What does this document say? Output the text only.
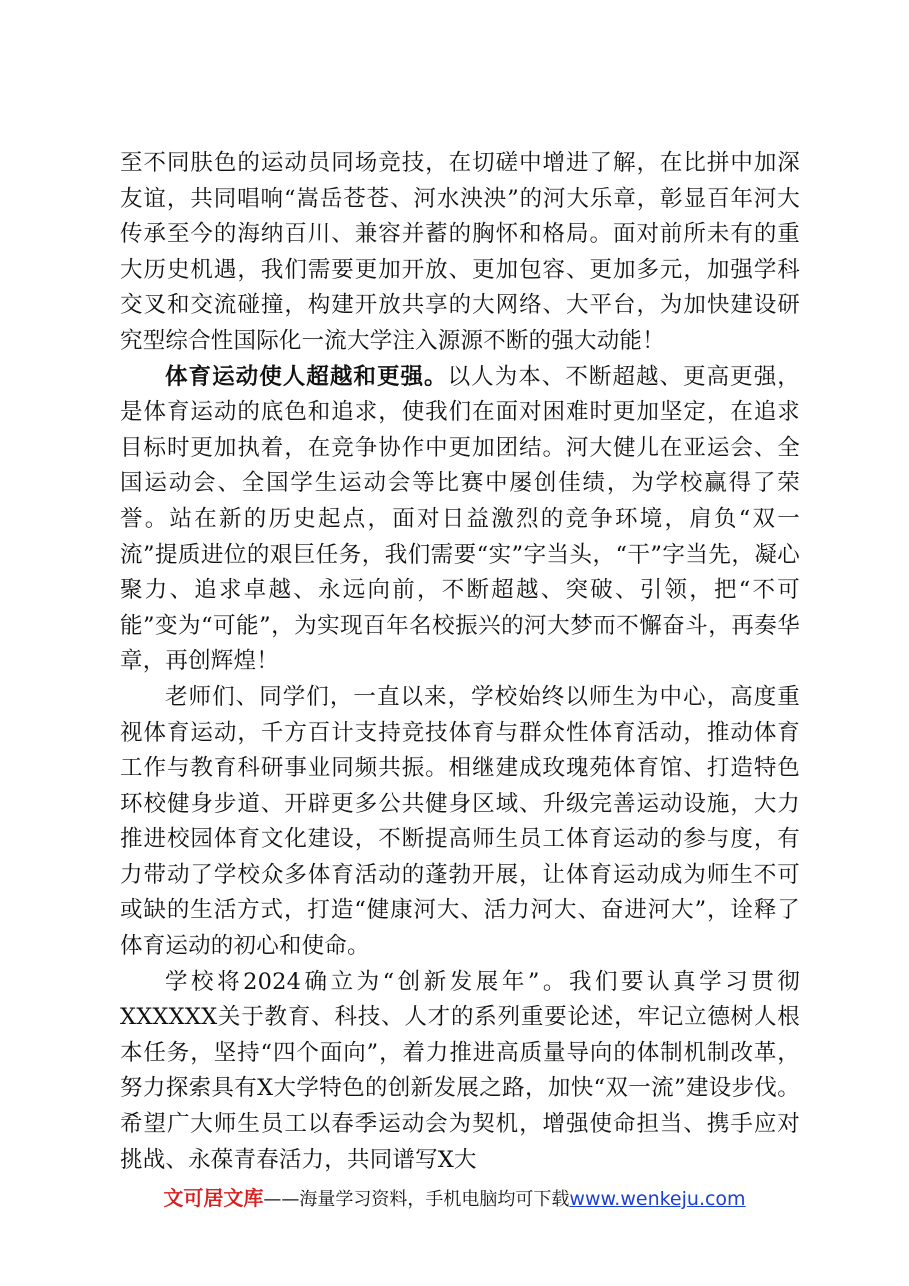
至不同肤色的运动员同场竞技，在切磋中增进了解，在比拼中加深友谊，共同唱响“嵩岳苍苍、河水泱泱”的河大乐章，彰显百年河大传承至今的海纳百川、兼容并蓄的胸怀和格局。面对前所未有的重大历史机遇，我们需要更加开放、更加包容、更加多元，加强学科交叉和交流碰撞，构建开放共享的大网络、大平台，为加快建设研究型综合性国际化一流大学注入源源不断的强大动能！

体育运动使人超越和更强。以人为本、不断超越、更高更强，是体育运动的底色和追求，使我们在面对困难时更加坚定，在追求目标时更加执着，在竞争协作中更加团结。河大健儿在亚运会、全国运动会、全国学生运动会等比赛中屡创佳绩，为学校赢得了荣誉。站在新的历史起点，面对日益激烈的竞争环境，肩负“双一流”提质进位的艰巨任务，我们需要“实”字当头，“干”字当先，凝心聚力、追求卓越、永远向前，不断超越、突破、引领，把“不可能”变为“可能”，为实现百年名校振兴的河大梦而不懈奋斗，再奏华章，再创辉煌！

老师们、同学们，一直以来，学校始终以师生为中心，高度重视体育运动，千方百计支持竞技体育与群众性体育活动，推动体育工作与教育科研事业同频共振。相继建成玫瑰苑体育馆、打造特色环校健身步道、开辟更多公共健身区域、升级完善运动设施，大力推进校园体育文化建设，不断提高师生员工体育运动的参与度，有力带动了学校众多体育活动的蓬勃开展，让体育运动成为师生不可或缺的生活方式，打造“健康河大、活力河大、奋进河大”，诠释了体育运动的初心和使命。

学校将2024确立为“创新发展年”。我们要认真学习贯彻XXXXXX关于教育、科技、人才的系列重要论述，牢记立德树人根本任务，坚持“四个面向”，着力推进高质量导向的体制机制改革，努力探索具有X大学特色的创新发展之路，加快“双一流”建设步伐。希望广大师生员工以春季运动会为契机，增强使命担当、携手应对挑战、永葆青春活力，共同谱写X大

文可居文库——海量学习资料，手机电脑均可下载www.wenkeju.com
